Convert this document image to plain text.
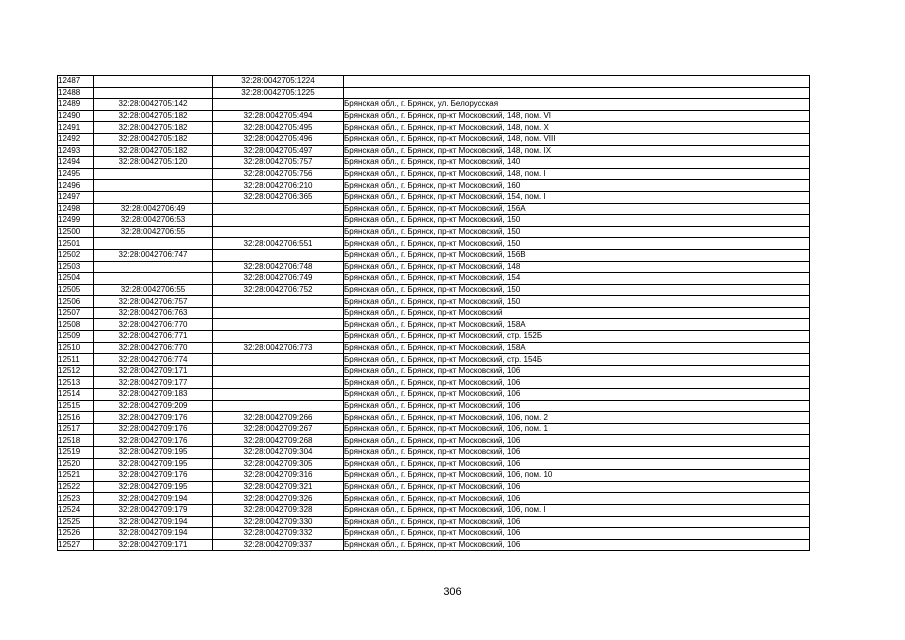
12487		32:28:0042705:1224	
12488		32:28:0042705:1225	
12489	32:28:0042705:142		Брянская обл., г. Брянск, ул. Белорусская
12490	32:28:0042705:182	32:28:0042705:494	Брянская обл., г. Брянск, пр-кт Московский, 148, пом. VI
12491	32:28:0042705:182	32:28:0042705:495	Брянская обл., г. Брянск, пр-кт Московский, 148, пом. X
12492	32:28:0042705:182	32:28:0042705:496	Брянская обл., г. Брянск, пр-кт Московский, 148, пом. VIII
12493	32:28:0042705:182	32:28:0042705:497	Брянская обл., г. Брянск, пр-кт Московский, 148, пом. IX
12494	32:28:0042705:120	32:28:0042705:757	Брянская обл., г. Брянск, пр-кт Московский, 140
12495		32:28:0042705:756	Брянская обл., г. Брянск, пр-кт Московский, 148, пом. I
12496		32:28:0042706:210	Брянская обл., г. Брянск, пр-кт Московский, 160
12497		32:28:0042706:365	Брянская обл., г. Брянск, пр-кт Московский, 154, пом. I
12498	32:28:0042706:49		Брянская обл., г. Брянск, пр-кт Московский, 156А
12499	32:28:0042706:53		Брянская обл., г. Брянск, пр-кт Московский, 150
12500	32:28:0042706:55		Брянская обл., г. Брянск, пр-кт Московский, 150
12501		32:28:0042706:551	Брянская обл., г. Брянск, пр-кт Московский, 150
12502	32:28:0042706:747		Брянская обл., г. Брянск, пр-кт Московский, 156В
12503		32:28:0042706:748	Брянская обл., г. Брянск, пр-кт Московский, 148
12504		32:28:0042706:749	Брянская обл., г. Брянск, пр-кт Московский, 154
12505	32:28:0042706:55	32:28:0042706:752	Брянская обл., г. Брянск, пр-кт Московский, 150
12506	32:28:0042706:757		Брянская обл., г. Брянск, пр-кт Московский, 150
12507	32:28:0042706:763		Брянская обл., г. Брянск, пр-кт Московский
12508	32:28:0042706:770		Брянская обл., г. Брянск, пр-кт Московский, 158А
12509	32:28:0042706:771		Брянская обл., г. Брянск, пр-кт Московский, стр. 152Б
12510	32:28:0042706:770	32:28:0042706:773	Брянская обл., г. Брянск, пр-кт Московский, 158А
12511	32:28:0042706:774		Брянская обл., г. Брянск, пр-кт Московский, стр. 154Б
12512	32:28:0042709:171		Брянская обл., г. Брянск, пр-кт Московский, 106
12513	32:28:0042709:177		Брянская обл., г. Брянск, пр-кт Московский, 106
12514	32:28:0042709:183		Брянская обл., г. Брянск, пр-кт Московский, 106
12515	32:28:0042709:209		Брянская обл., г. Брянск, пр-кт Московский, 106
12516	32:28:0042709:176	32:28:0042709:266	Брянская обл., г. Брянск, пр-кт Московский, 106, пом. 2
12517	32:28:0042709:176	32:28:0042709:267	Брянская обл., г. Брянск, пр-кт Московский, 106, пом. 1
12518	32:28:0042709:176	32:28:0042709:268	Брянская обл., г. Брянск, пр-кт Московский, 106
12519	32:28:0042709:195	32:28:0042709:304	Брянская обл., г. Брянск, пр-кт Московский, 106
12520	32:28:0042709:195	32:28:0042709:305	Брянская обл., г. Брянск, пр-кт Московский, 106
12521	32:28:0042709:176	32:28:0042709:316	Брянская обл., г. Брянск, пр-кт Московский, 106, пом. 10
12522	32:28:0042709:195	32:28:0042709:321	Брянская обл., г. Брянск, пр-кт Московский, 106
12523	32:28:0042709:194	32:28:0042709:326	Брянская обл., г. Брянск, пр-кт Московский, 106
12524	32:28:0042709:179	32:28:0042709:328	Брянская обл., г. Брянск, пр-кт Московский, 106, пом. I
12525	32:28:0042709:194	32:28:0042709:330	Брянская обл., г. Брянск, пр-кт Московский, 106
12526	32:28:0042709:194	32:28:0042709:332	Брянская обл., г. Брянск, пр-кт Московский, 106
12527	32:28:0042709:171	32:28:0042709:337	Брянская обл., г. Брянск, пр-кт Московский, 106
306
